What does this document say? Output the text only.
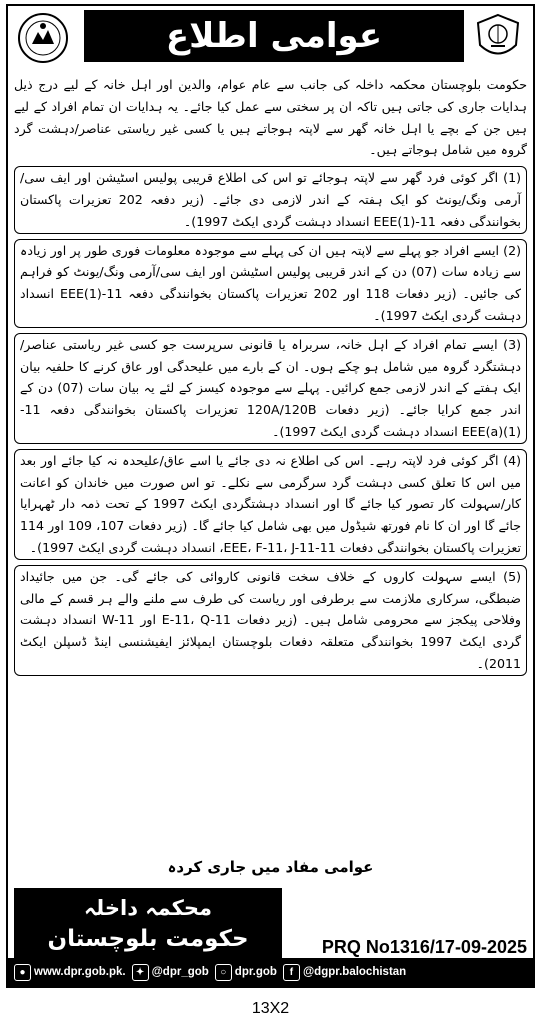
عوامی اطلاع

حکومت بلوچستان محکمہ داخلہ کی جانب سے عام عوام، والدین اور اہل خانہ کے لیے درج ذیل ہدایات جاری کی جاتی ہیں تاکہ ان پر سختی سے عمل کیا جائے۔ یہ ہدایات ان تمام افراد کے لیے ہیں جن کے بچے یا اہل خانہ گھر سے لاپتہ ہوجاتے ہیں یا کسی غیر ریاستی عناصر/دہشت گرد گروہ میں شامل ہوجاتے ہیں۔

(1) اگر کوئی فرد گھر سے لاپتہ ہوجائے تو اس کی اطلاع قریبی پولیس اسٹیشن اور ایف سی/آرمی ونگ/یونٹ کو ایک ہفتہ کے اندر لازمی دی جائے۔ (زیر دفعہ 202 تعزیرات پاکستان بخوانندگی دفعہ 11-(1)EEE انسداد دہشت گردی ایکٹ 1997)۔

(2) ایسے افراد جو پہلے سے لاپتہ ہیں ان کی پہلے سے موجودہ معلومات فوری طور پر اور زیادہ سے زیادہ سات (07) دن کے اندر قریبی پولیس اسٹیشن اور ایف سی/آرمی ونگ/یونٹ کو فراہم کی جائیں۔ (زیر دفعات 118 اور 202 تعزیرات پاکستان بخوانندگی دفعہ 11-(1)EEE انسداد دہشت گردی ایکٹ 1997)۔

(3) ایسے تمام افراد کے اہل خانہ، سربراہ یا قانونی سرپرست جو کسی غیر ریاستی عناصر/دہشتگرد گروہ میں شامل ہو چکے ہوں۔ ان کے بارے میں علیحدگی اور عاق کرنے کا حلفیہ بیان ایک ہفتے کے اندر لازمی جمع کرائیں۔ پہلے سے موجودہ کیسز کے لئے یہ بیان سات (07) دن کے اندر جمع کرایا جائے۔ (زیر دفعات 120A/120B تعزیرات پاکستان بخوانندگی دفعہ 11-(1)EEE(a) انسداد دہشت گردی ایکٹ 1997)۔

(4) اگر کوئی فرد لاپتہ رہے۔ اس کی اطلاع نہ دی جائے یا اسے عاق/علیحدہ نہ کیا جائے اور بعد میں اس کا تعلق کسی دہشت گرد سرگرمی سے نکلے۔ تو اس صورت میں خاندان کو اعانت کار/سہولت کار تصور کیا جائے گا اور انسداد دہشتگردی ایکٹ 1997 کے تحت ذمہ دار ٹھہرایا جائے گا اور ان کا نام فورتھ شیڈول میں بھی شامل کیا جائے گا۔ (زیر دفعات 107، 109 اور 114 تعزیرات پاکستان بخوانندگی دفعات 11-EEE، F-11، J-11، انسداد دہشت گردی ایکٹ 1997)۔

(5) ایسے سہولت کاروں کے خلاف سخت قانونی کاروائی کی جائے گی۔ جن میں جائیداد ضبطگی، سرکاری ملازمت سے برطرفی اور ریاست کی طرف سے ملنے والے ہر قسم کے مالی وفلاحی پیکجز سے محرومی شامل ہیں۔ (زیر دفعات E-11، Q-11 اور W-11 انسداد دہشت گردی ایکٹ 1997 بخوانندگی متعلقہ دفعات بلوچستان ایمپلائز ایفیشنسی اینڈ ڈسپلن ایکٹ 2011)۔

عوامی مفاد میں جاری کردہ
محکمہ داخلہ
حکومت بلوچستان	PRQ No1316/17-09-2025
● www.dpr.gob.pk.	✦ @dpr_gob	○ dpr.gob	f @dgpr.balochistan
13X2
